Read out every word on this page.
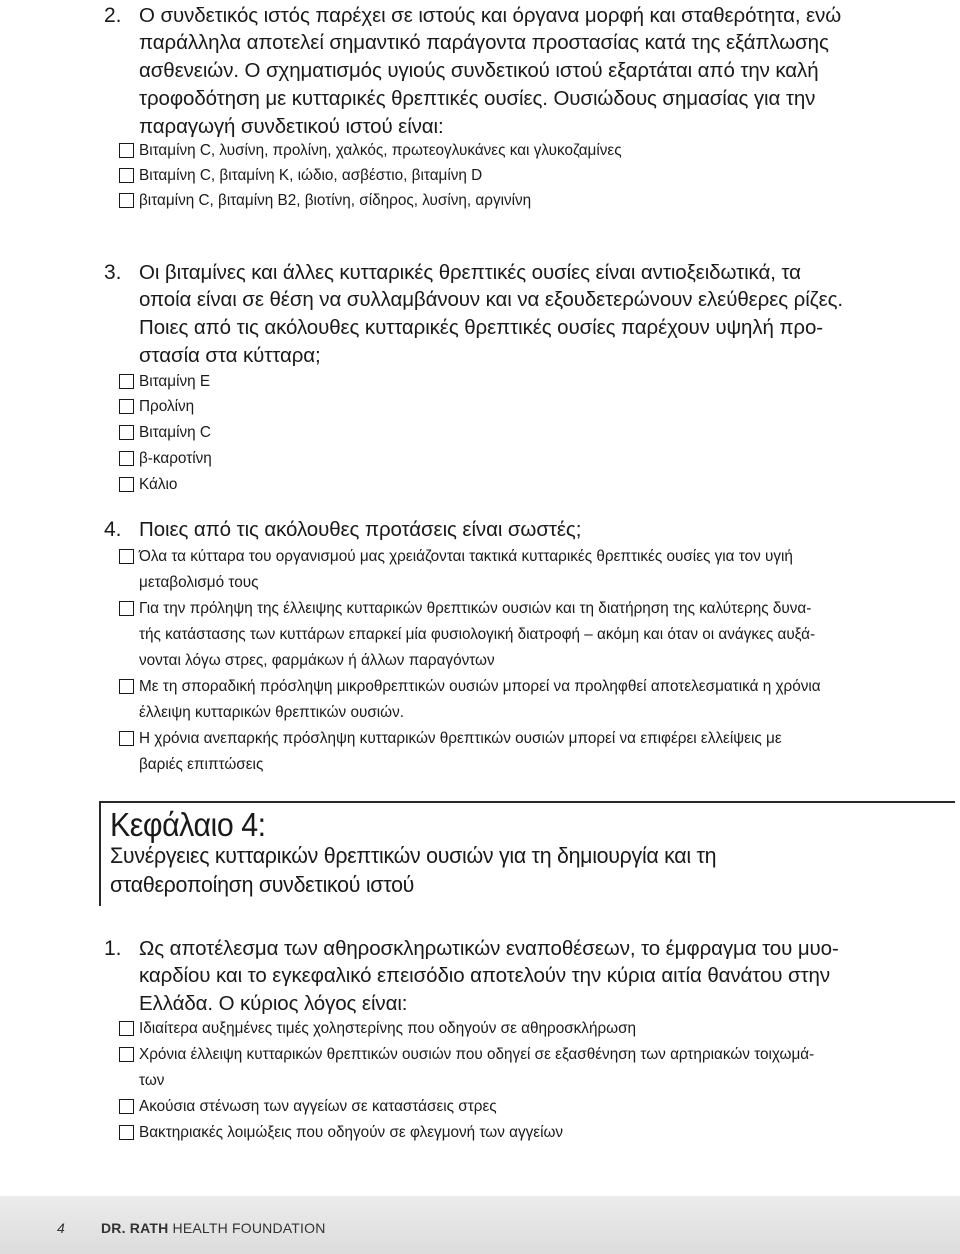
2. Ο συνδετικός ιστός παρέχει σε ιστούς και όργανα μορφή και σταθερότητα, ενώ
παράλληλα αποτελεί σημαντικό παράγοντα προστασίας κατά της εξάπλωσης
ασθενειών. Ο σχηματισμός υγιούς συνδετικού ιστού εξαρτάται από την καλή
τροφοδότηση με κυτταρικές θρεπτικές ουσίες. Ουσιώδους σημασίας για την
παραγωγή συνδετικού ιστού είναι:
Βιταμίνη C, λυσίνη, προλίνη, χαλκός, πρωτεογλυκάνες και γλυκοζαμίνες
Βιταμίνη C, βιταμίνη Κ, ιώδιο, ασβέστιο, βιταμίνη D
βιταμίνη C, βιταμίνη B2, βιοτίνη, σίδηρος, λυσίνη, αργινίνη
3. Οι βιταμίνες και άλλες κυτταρικές θρεπτικές ουσίες είναι αντιοξειδωτικά, τα
οποία είναι σε θέση να συλλαμβάνουν και να εξουδετερώνουν ελεύθερες ρίζες.
Ποιες από τις ακόλουθες κυτταρικές θρεπτικές ουσίες παρέχουν υψηλή προ-
στασία στα κύτταρα;
Βιταμίνη Ε
Προλίνη
Βιταμίνη C
β-καροτίνη
Κάλιο
4. Ποιες από τις ακόλουθες προτάσεις είναι σωστές;
Όλα τα κύτταρα του οργανισμού μας χρειάζονται τακτικά κυτταρικές θρεπτικές ουσίες για τον υγιή
μεταβολισμό τους
Για την πρόληψη της έλλειψης κυτταρικών θρεπτικών ουσιών και τη διατήρηση της καλύτερης δυνα-
τής κατάστασης των κυττάρων επαρκεί μία φυσιολογική διατροφή – ακόμη και όταν οι ανάγκες αυξά-
νονται λόγω στρες, φαρμάκων ή άλλων παραγόντων
Με τη σποραδική πρόσληψη μικροθρεπτικών ουσιών μπορεί να προληφθεί αποτελεσματικά η χρόνια
έλλειψη κυτταρικών θρεπτικών ουσιών.
Η χρόνια ανεπαρκής πρόσληψη κυτταρικών θρεπτικών ουσιών μπορεί να επιφέρει ελλείψεις με
βαριές επιπτώσεις
Κεφάλαιο 4:
Συνέργειες κυτταρικών θρεπτικών ουσιών για τη δημιουργία και τη
σταθεροποίηση συνδετικού ιστού
1. Ως αποτέλεσμα των αθηροσκληρωτικών εναποθέσεων, το έμφραγμα του μυο-
καρδίου και το εγκεφαλικό επεισόδιο αποτελούν την κύρια αιτία θανάτου στην
Ελλάδα. Ο κύριος λόγος είναι:
Ιδιαίτερα αυξημένες τιμές χοληστερίνης που οδηγούν σε αθηροσκλήρωση
Χρόνια έλλειψη κυτταρικών θρεπτικών ουσιών που οδηγεί σε εξασθένηση των αρτηριακών τοιχωμά-
των
Ακούσια στένωση των αγγείων σε καταστάσεις στρες
Βακτηριακές λοιμώξεις που οδηγούν σε φλεγμονή των αγγείων
4	DR. RATH HEALTH FOUNDATION
